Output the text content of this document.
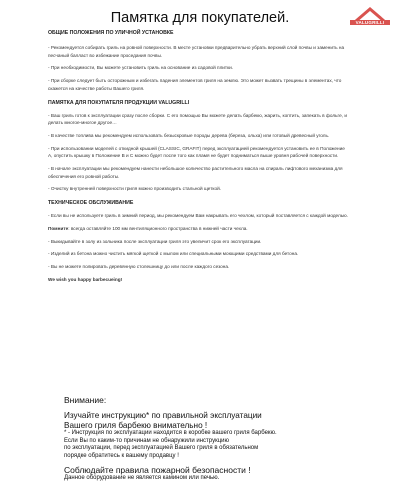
VALUGRILLI
Памятка для покупателей.

ОБЩИЕ ПОЛОЖЕНИЯ ПО УЛИЧНОЙ УСТАНОВКЕ

- Рекомендуется собирать гриль на ровной поверхности. В месте установки предварительно убрать верхний слой почвы и заменить на песчаный балласт во избежание проседания почвы.

- При необходимости, Вы можете установить гриль на основание из садовой плитки.

- При сборке следует быть осторожным и избегать падения элементов гриля на землю. Это может вызвать трещины в элементах, что скажется на качестве работы Вашего гриля.

ПАМЯТКА ДЛЯ ПОКУПАТЕЛЯ ПРОДУКЦИИ VALUGRILLI

- Ваш гриль готов к эксплуатации сразу после сборки. С его помощью Вы можете делать барбекю, жарить, коптить, запекать в фольге, и делать многое-многое другое…

- В качестве топлива мы рекомендуем использовать безыскровые породы дерева (береза, ольха) или готовый древесный уголь.

- При использовании моделей с откидной крышей (CLASSIC, GRAFIT) перед эксплуатацией рекомендуется установить ее в Положение А, опустить крышку в Положение В и С можно будет после того как пламя не будет подниматься выше уровня рабочей поверхности.

- В начале эксплуатации мы рекомендуем нанести небольшое количество растительного масла на спираль лифтового механизма для обеспечения его ровной работы.

- Очистку внутренней поверхности гриля можно производить стальной щеткой.

ТЕХНИЧЕСКОЕ ОБСЛУЖИВАНИЕ

- Если вы не используете гриль в зимний период, мы рекомендуем Вам накрывать его чехлом, который поставляется с каждой моделью.

Помните: всегда оставляйте 100 мм вентиляционного пространства в нижней части чехла.

- Выкидывайте в золу из зольника после эксплуатации гриля это увеличит срок его эксплуатации.

- Изделий из бетона можно чистить мягкой щеткой с мылом или специальными моющими средствами для бетона.

- Вы не можете полировать деревянную столешницу до или после каждого сезона.

We wish you happy barbecueing!

Внимание:

Изучайте инструкцию* по правильной эксплуатации

Вашего гриля барбекю внимательно !

* - Инструкция по эксплуатации находится в коробке вашего гриля барбекю.

Если Вы по каким-то причинам не обнаружили инструкцию

по эксплуатации, перед эксплуатацией Вашего гриля в обязательном

порядке обратитесь к вашему продавцу !

Соблюдайте правила пожарной безопасности !

Данное оборудование не является камином или печью.
